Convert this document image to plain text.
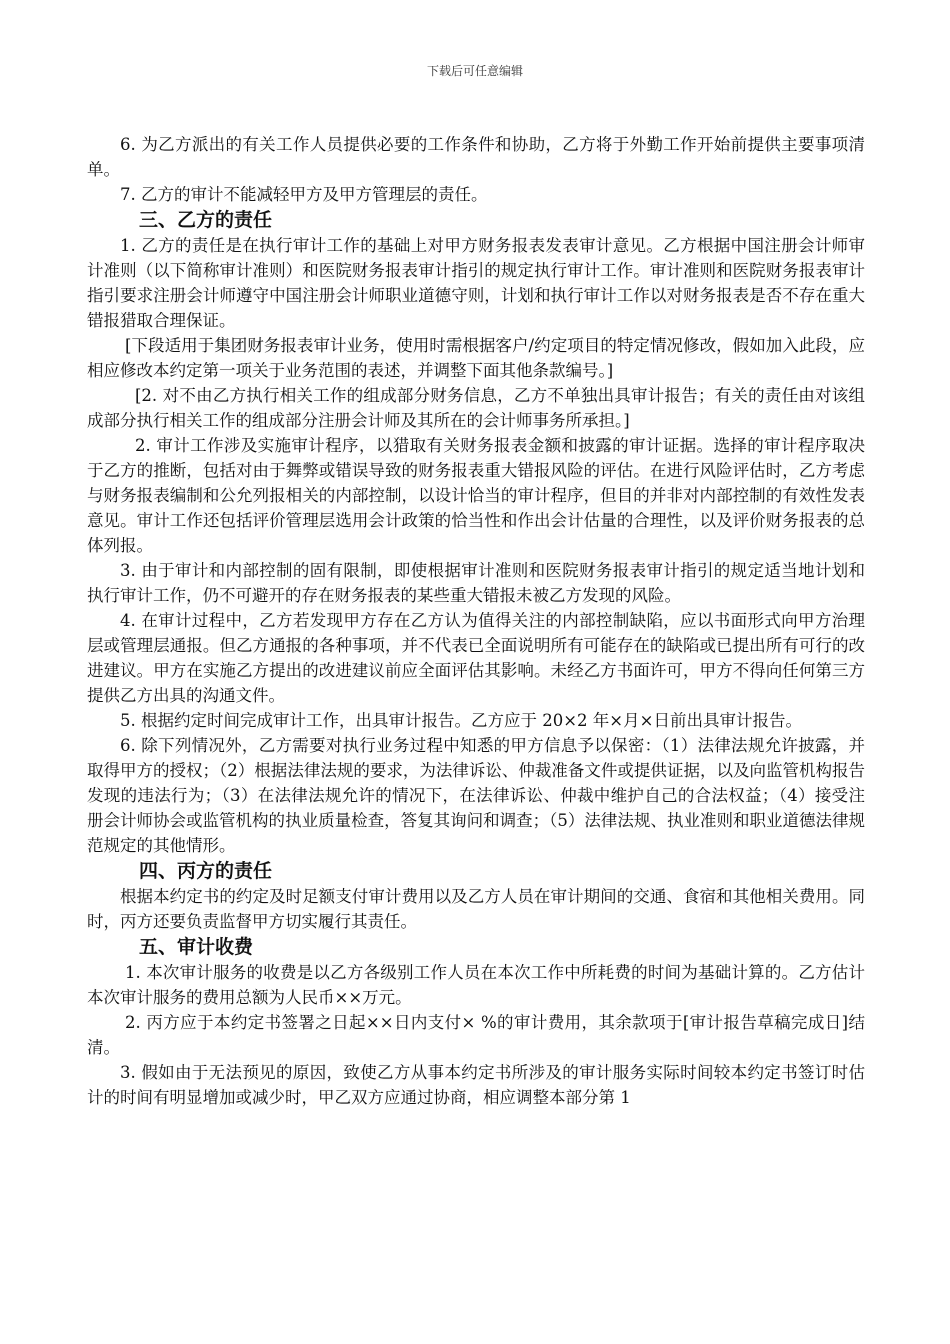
下载后可任意编辑

6. 为乙方派出的有关工作人员提供必要的工作条件和协助，乙方将于外勤工作开始前提供主要事项清单。

7. 乙方的审计不能减轻甲方及甲方管理层的责任。

三、乙方的责任

1. 乙方的责任是在执行审计工作的基础上对甲方财务报表发表审计意见。乙方根据中国注册会计师审计准则（以下简称审计准则）和医院财务报表审计指引的规定执行审计工作。审计准则和医院财务报表审计指引要求注册会计师遵守中国注册会计师职业道德守则，计划和执行审计工作以对财务报表是否不存在重大错报猎取合理保证。

[下段适用于集团财务报表审计业务，使用时需根据客户/约定项目的特定情况修改，假如加入此段，应相应修改本约定第一项关于业务范围的表述，并调整下面其他条款编号。]

[2. 对不由乙方执行相关工作的组成部分财务信息，乙方不单独出具审计报告；有关的责任由对该组成部分执行相关工作的组成部分注册会计师及其所在的会计师事务所承担。]

2. 审计工作涉及实施审计程序，以猎取有关财务报表金额和披露的审计证据。选择的审计程序取决于乙方的推断，包括对由于舞弊或错误导致的财务报表重大错报风险的评估。在进行风险评估时，乙方考虑与财务报表编制和公允列报相关的内部控制，以设计恰当的审计程序，但目的并非对内部控制的有效性发表意见。审计工作还包括评价管理层选用会计政策的恰当性和作出会计估量的合理性，以及评价财务报表的总体列报。

3. 由于审计和内部控制的固有限制，即使根据审计准则和医院财务报表审计指引的规定适当地计划和执行审计工作，仍不可避开的存在财务报表的某些重大错报未被乙方发现的风险。

4. 在审计过程中，乙方若发现甲方存在乙方认为值得关注的内部控制缺陷，应以书面形式向甲方治理层或管理层通报。但乙方通报的各种事项，并不代表已全面说明所有可能存在的缺陷或已提出所有可行的改进建议。甲方在实施乙方提出的改进建议前应全面评估其影响。未经乙方书面许可，甲方不得向任何第三方提供乙方出具的沟通文件。

5. 根据约定时间完成审计工作，出具审计报告。乙方应于 20×2 年×月×日前出具审计报告。

6. 除下列情况外，乙方需要对执行业务过程中知悉的甲方信息予以保密：（1）法律法规允许披露，并取得甲方的授权；（2）根据法律法规的要求，为法律诉讼、仲裁准备文件或提供证据，以及向监管机构报告发现的违法行为；（3）在法律法规允许的情况下，在法律诉讼、仲裁中维护自己的合法权益；（4）接受注册会计师协会或监管机构的执业质量检查，答复其询问和调查；（5）法律法规、执业准则和职业道德法律规范规定的其他情形。

四、丙方的责任

根据本约定书的约定及时足额支付审计费用以及乙方人员在审计期间的交通、食宿和其他相关费用。同时，丙方还要负责监督甲方切实履行其责任。

五、审计收费

1. 本次审计服务的收费是以乙方各级别工作人员在本次工作中所耗费的时间为基础计算的。乙方估计本次审计服务的费用总额为人民币××万元。

2. 丙方应于本约定书签署之日起××日内支付× %的审计费用，其余款项于[审计报告草稿完成日]结清。

3. 假如由于无法预见的原因，致使乙方从事本约定书所涉及的审计服务实际时间较本约定书签订时估计的时间有明显增加或减少时，甲乙双方应通过协商，相应调整本部分第 1
